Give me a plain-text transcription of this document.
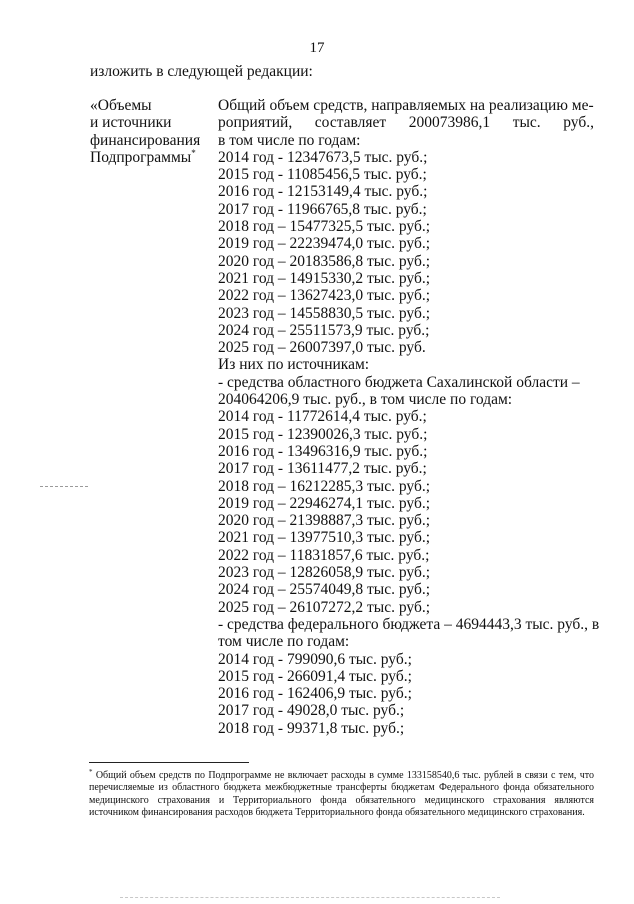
17
изложить в следующей редакции:
«Объемы
и источники
финансирования
Подпрограммы*
Общий объем средств, направляемых на реализацию ме-
роприятий, составляет 200073986,1 тыс. руб.,
в том числе по годам:
2014 год - 12347673,5 тыс. руб.;
2015 год - 11085456,5 тыс. руб.;
2016 год - 12153149,4 тыс. руб.;
2017 год - 11966765,8 тыс. руб.;
2018 год – 15477325,5 тыс. руб.;
2019 год – 22239474,0 тыс. руб.;
2020 год – 20183586,8 тыс. руб.;
2021 год – 14915330,2 тыс. руб.;
2022 год – 13627423,0 тыс. руб.;
2023 год – 14558830,5 тыс. руб.;
2024 год – 25511573,9 тыс. руб.;
2025 год – 26007397,0 тыс. руб.
Из них по источникам:
- средства областного бюджета Сахалинской области –
204064206,9 тыс. руб., в том числе по годам:
2014 год - 11772614,4 тыс. руб.;
2015 год - 12390026,3 тыс. руб.;
2016 год - 13496316,9 тыс. руб.;
2017 год - 13611477,2 тыс. руб.;
2018 год – 16212285,3 тыс. руб.;
2019 год – 22946274,1 тыс. руб.;
2020 год – 21398887,3 тыс. руб.;
2021 год – 13977510,3 тыс. руб.;
2022 год – 11831857,6 тыс. руб.;
2023 год – 12826058,9 тыс. руб.;
2024 год – 25574049,8 тыс. руб.;
2025 год – 26107272,2 тыс. руб.;
- средства федерального бюджета – 4694443,3 тыс. руб., в
том числе по годам:
2014 год - 799090,6 тыс. руб.;
2015 год - 266091,4 тыс. руб.;
2016 год - 162406,9 тыс. руб.;
2017 год - 49028,0 тыс. руб.;
2018 год - 99371,8 тыс. руб.;
* Общий объем средств по Подпрограмме не включает расходы в сумме 133158540,6 тыс. рублей в связи с тем, что перечисляемые из областного бюджета межбюджетные трансферты бюджетам Федерального фонда обязательного медицинского страхования и Территориального фонда обязательного медицинского страхования являются источником финансирования расходов бюджета Территориального фонда обязательного медицинского страхования.
